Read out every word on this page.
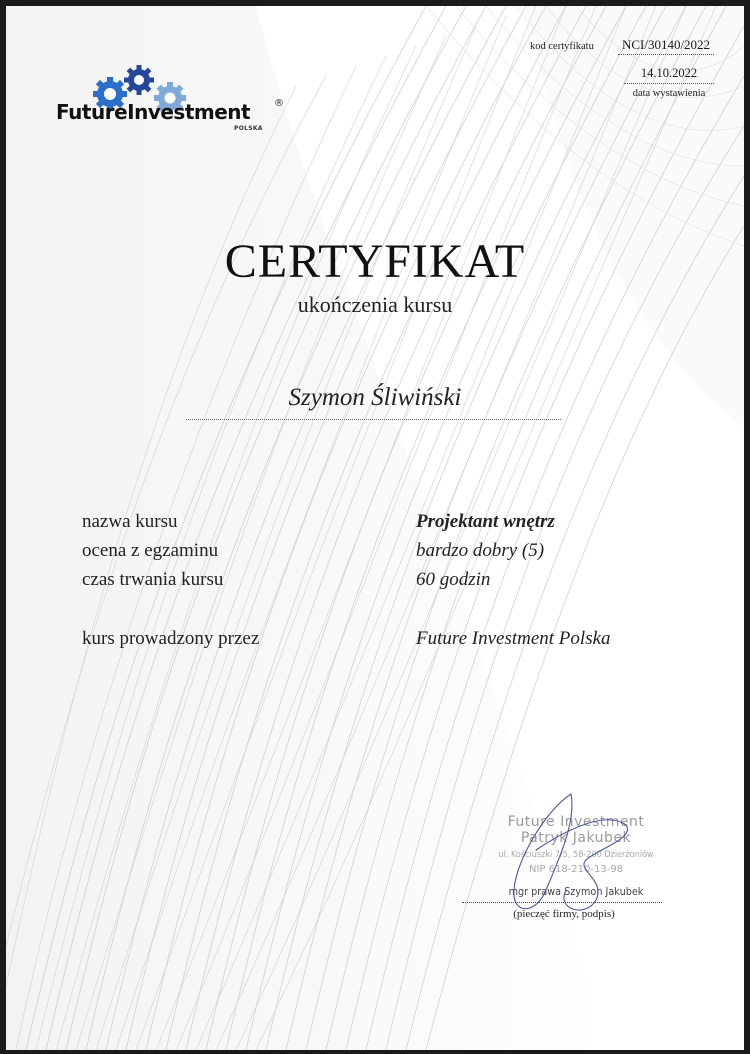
FutureInvestment ®
POLSKA
kod certyfikatu	NCI/30140/2022
14.10.2022
data wystawienia
CERTYFIKAT
ukończenia kursu
Szymon Śliwiński
nazwa kursu	Projektant wnętrz
ocena z egzaminu	bardzo dobry (5)
czas trwania kursu	60 godzin
kurs prowadzony przez	Future Investment Polska
Future Investment
Patryk Jakubek
ul. Kościuszki 7/5, 58-200 Dzierżoniów
NIP 618-210-13-98
mgr prawa Szymon Jakubek
(pieczęć firmy, podpis)
